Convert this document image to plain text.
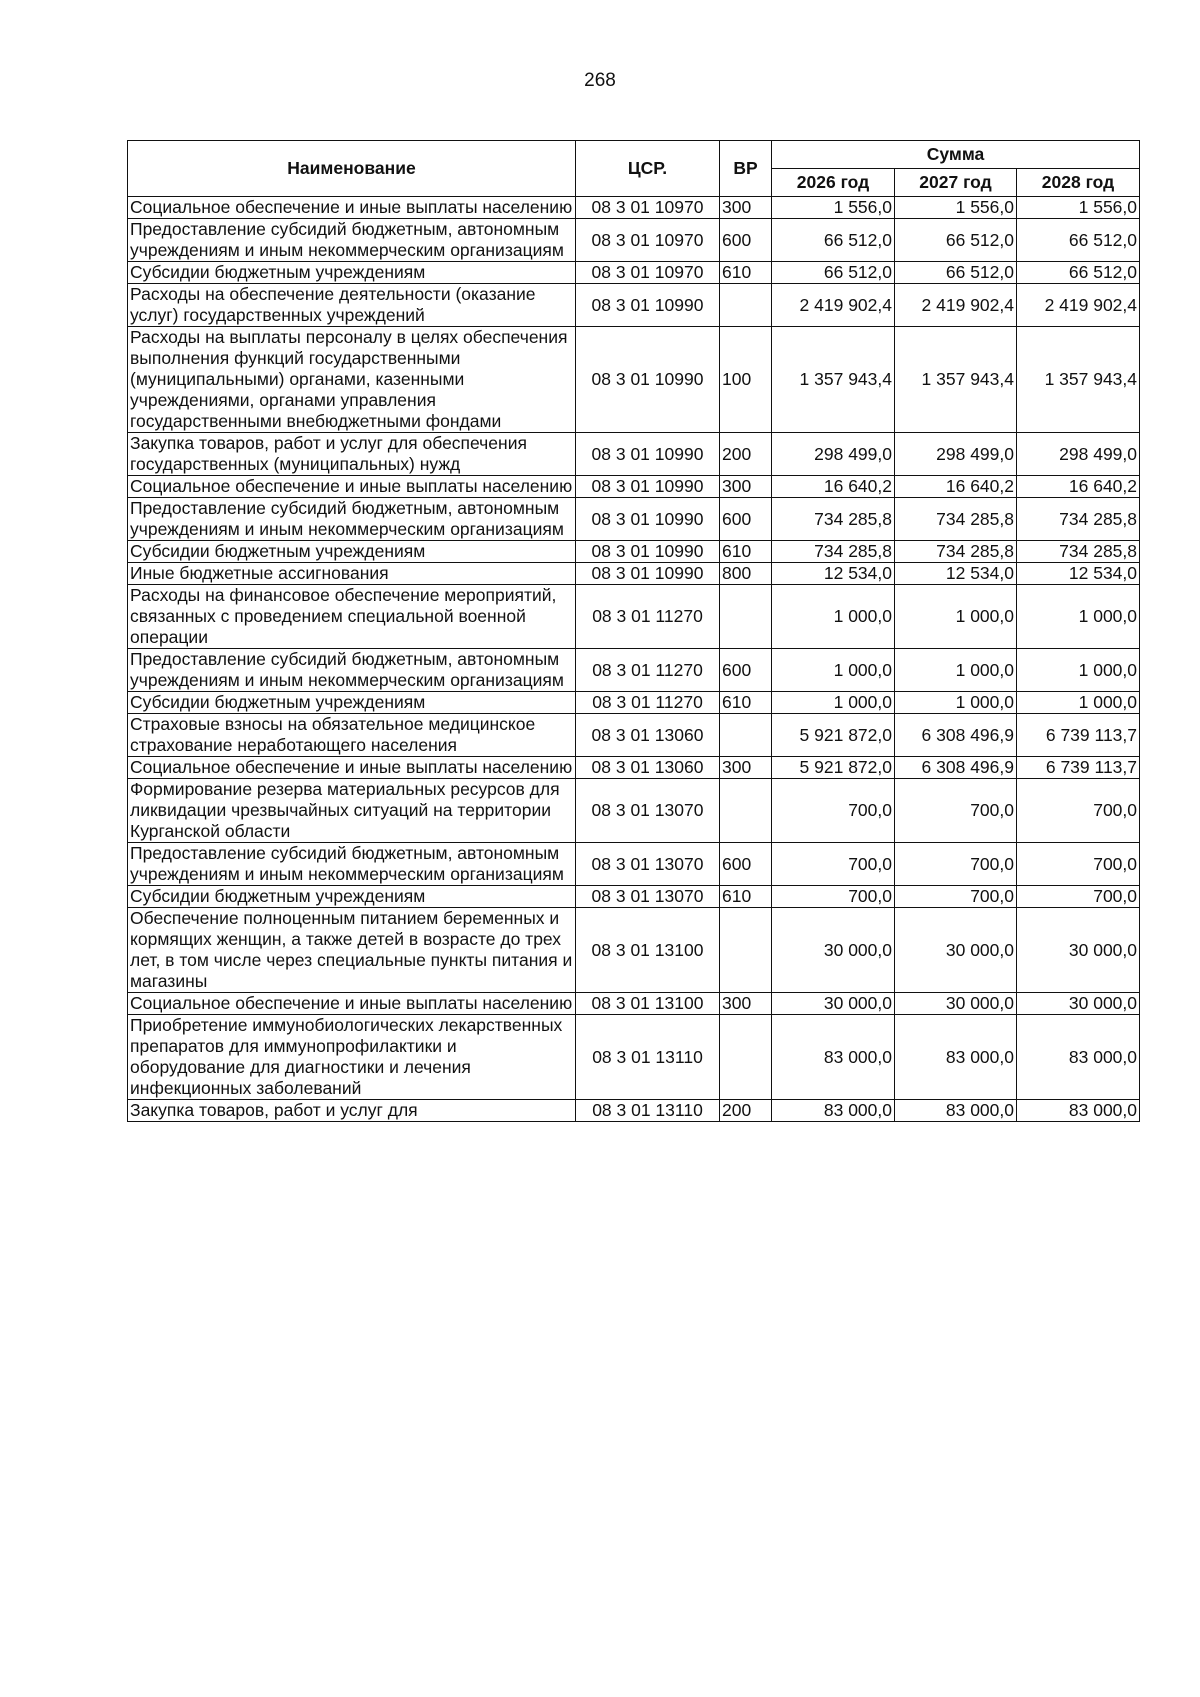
268
Наименование	ЦСР.	ВР	Сумма		
			2026 год	2027 год	2028 год
Социальное обеспечение и иные выплаты населению	08 3 01 10970	300	1 556,0	1 556,0	1 556,0
Предоставление субсидий бюджетным, автономным учреждениям и иным некоммерческим организациям	08 3 01 10970	600	66 512,0	66 512,0	66 512,0
Субсидии бюджетным учреждениям	08 3 01 10970	610	66 512,0	66 512,0	66 512,0
Расходы на обеспечение деятельности (оказание услуг) государственных учреждений	08 3 01 10990		2 419 902,4	2 419 902,4	2 419 902,4
Расходы на выплаты персоналу в целях обеспечения выполнения функций государственными (муниципальными) органами, казенными учреждениями, органами управления государственными внебюджетными фондами	08 3 01 10990	100	1 357 943,4	1 357 943,4	1 357 943,4
Закупка товаров, работ и услуг для обеспечения государственных (муниципальных) нужд	08 3 01 10990	200	298 499,0	298 499,0	298 499,0
Социальное обеспечение и иные выплаты населению	08 3 01 10990	300	16 640,2	16 640,2	16 640,2
Предоставление субсидий бюджетным, автономным учреждениям и иным некоммерческим организациям	08 3 01 10990	600	734 285,8	734 285,8	734 285,8
Субсидии бюджетным учреждениям	08 3 01 10990	610	734 285,8	734 285,8	734 285,8
Иные бюджетные ассигнования	08 3 01 10990	800	12 534,0	12 534,0	12 534,0
Расходы на финансовое обеспечение мероприятий, связанных с проведением специальной военной операции	08 3 01 11270		1 000,0	1 000,0	1 000,0
Предоставление субсидий бюджетным, автономным учреждениям и иным некоммерческим организациям	08 3 01 11270	600	1 000,0	1 000,0	1 000,0
Субсидии бюджетным учреждениям	08 3 01 11270	610	1 000,0	1 000,0	1 000,0
Страховые взносы на обязательное медицинское страхование неработающего населения	08 3 01 13060		5 921 872,0	6 308 496,9	6 739 113,7
Социальное обеспечение и иные выплаты населению	08 3 01 13060	300	5 921 872,0	6 308 496,9	6 739 113,7
Формирование резерва материальных ресурсов для ликвидации чрезвычайных ситуаций на территории Курганской области	08 3 01 13070		700,0	700,0	700,0
Предоставление субсидий бюджетным, автономным учреждениям и иным некоммерческим организациям	08 3 01 13070	600	700,0	700,0	700,0
Субсидии бюджетным учреждениям	08 3 01 13070	610	700,0	700,0	700,0
Обеспечение полноценным питанием беременных и кормящих женщин, а также детей в возрасте до трех лет, в том числе через специальные пункты питания и магазины	08 3 01 13100		30 000,0	30 000,0	30 000,0
Социальное обеспечение и иные выплаты населению	08 3 01 13100	300	30 000,0	30 000,0	30 000,0
Приобретение иммунобиологических лекарственных препаратов для иммунопрофилактики и оборудование для диагностики и лечения инфекционных заболеваний	08 3 01 13110		83 000,0	83 000,0	83 000,0
Закупка товаров, работ и услуг для	08 3 01 13110	200	83 000,0	83 000,0	83 000,0
